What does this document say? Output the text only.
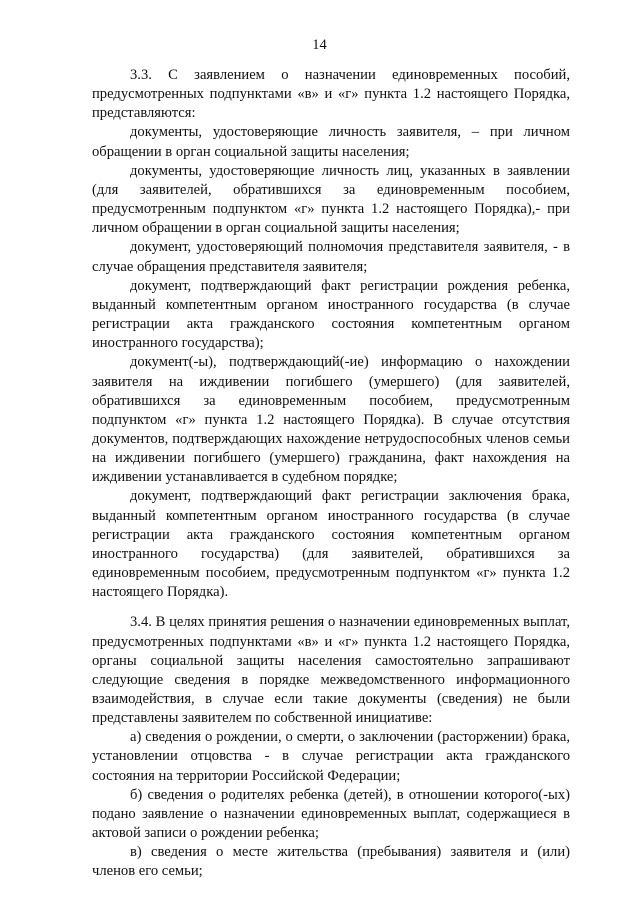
14

3.3. С заявлением о назначении единовременных пособий, предусмотренных подпунктами «в» и «г» пункта 1.2 настоящего Порядка, представляются:

документы, удостоверяющие личность заявителя, – при личном обращении в орган социальной защиты населения;

документы, удостоверяющие личность лиц, указанных в заявлении (для заявителей, обратившихся за единовременным пособием, предусмотренным подпунктом «г» пункта 1.2 настоящего Порядка),- при личном обращении в орган социальной защиты населения;

документ, удостоверяющий полномочия представителя заявителя, - в случае обращения представителя заявителя;

документ, подтверждающий факт регистрации рождения ребенка, выданный компетентным органом иностранного государства (в случае регистрации акта гражданского состояния компетентным органом иностранного государства);

документ(-ы), подтверждающий(-ие) информацию о нахождении заявителя на иждивении погибшего (умершего) (для заявителей, обратившихся за единовременным пособием, предусмотренным подпунктом «г» пункта 1.2 настоящего Порядка). В случае отсутствия документов, подтверждающих нахождение нетрудоспособных членов семьи на иждивении погибшего (умершего) гражданина, факт нахождения на иждивении устанавливается в судебном порядке;

документ, подтверждающий факт регистрации заключения брака, выданный компетентным органом иностранного государства (в случае регистрации акта гражданского состояния компетентным органом иностранного государства) (для заявителей, обратившихся за единовременным пособием, предусмотренным подпунктом «г» пункта 1.2 настоящего Порядка).

3.4. В целях принятия решения о назначении единовременных выплат, предусмотренных подпунктами «в» и «г» пункта 1.2 настоящего Порядка, органы социальной защиты населения самостоятельно запрашивают следующие сведения в порядке межведомственного информационного взаимодействия, в случае если такие документы (сведения) не были представлены заявителем по собственной инициативе:

а) сведения о рождении, о смерти, о заключении (расторжении) брака, установлении отцовства - в случае регистрации акта гражданского состояния на территории Российской Федерации;

б) сведения о родителях ребенка (детей), в отношении которого(-ых) подано заявление о назначении единовременных выплат, содержащиеся в актовой записи о рождении ребенка;

в) сведения о месте жительства (пребывания) заявителя и (или) членов его семьи;
